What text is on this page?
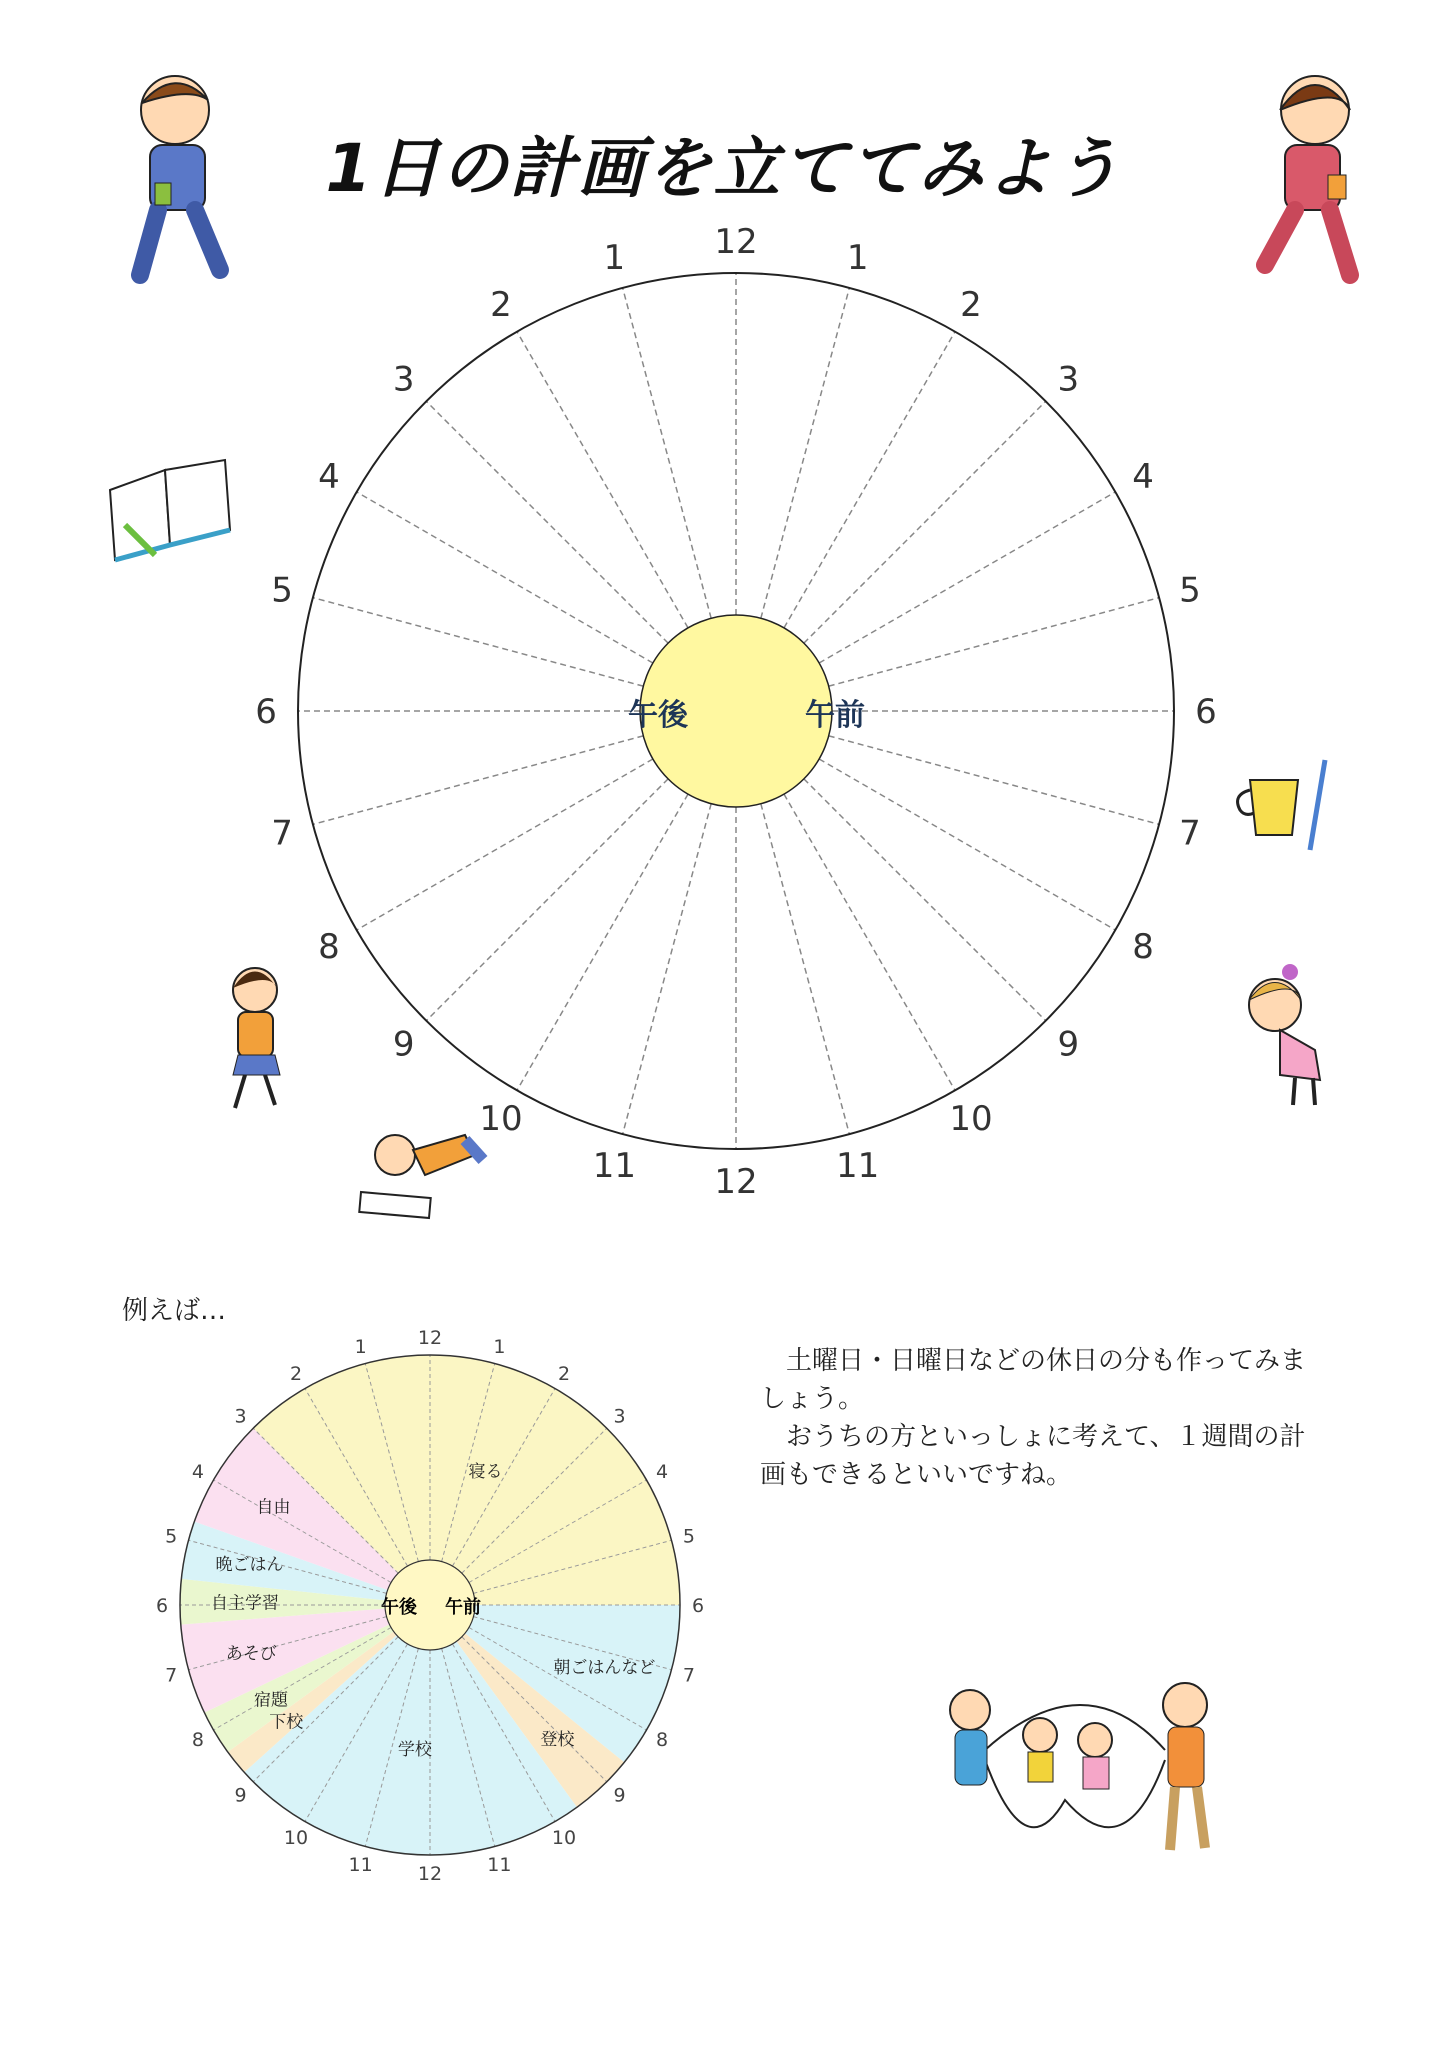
1日の計画を立ててみよう
午前
午後
12	1
2
3
4
5
6
7
8
9
10
11
12
11
10
9
8
7
6
5
4
3
2
1
例えば…
午前
午後
12	1
2
3
4
5
6
7
8
9
10
11
12
11
10
9
8
7
6
5
4
3
2
1
寝る
朝ごはんなど
登校
学校
下校
宿題
あそび
自主学習
晩ごはん
自由

土曜日・日曜日などの休日の分も作ってみましょう。

おうちの方といっしょに考えて、１週間の計画もできるといいですね。
